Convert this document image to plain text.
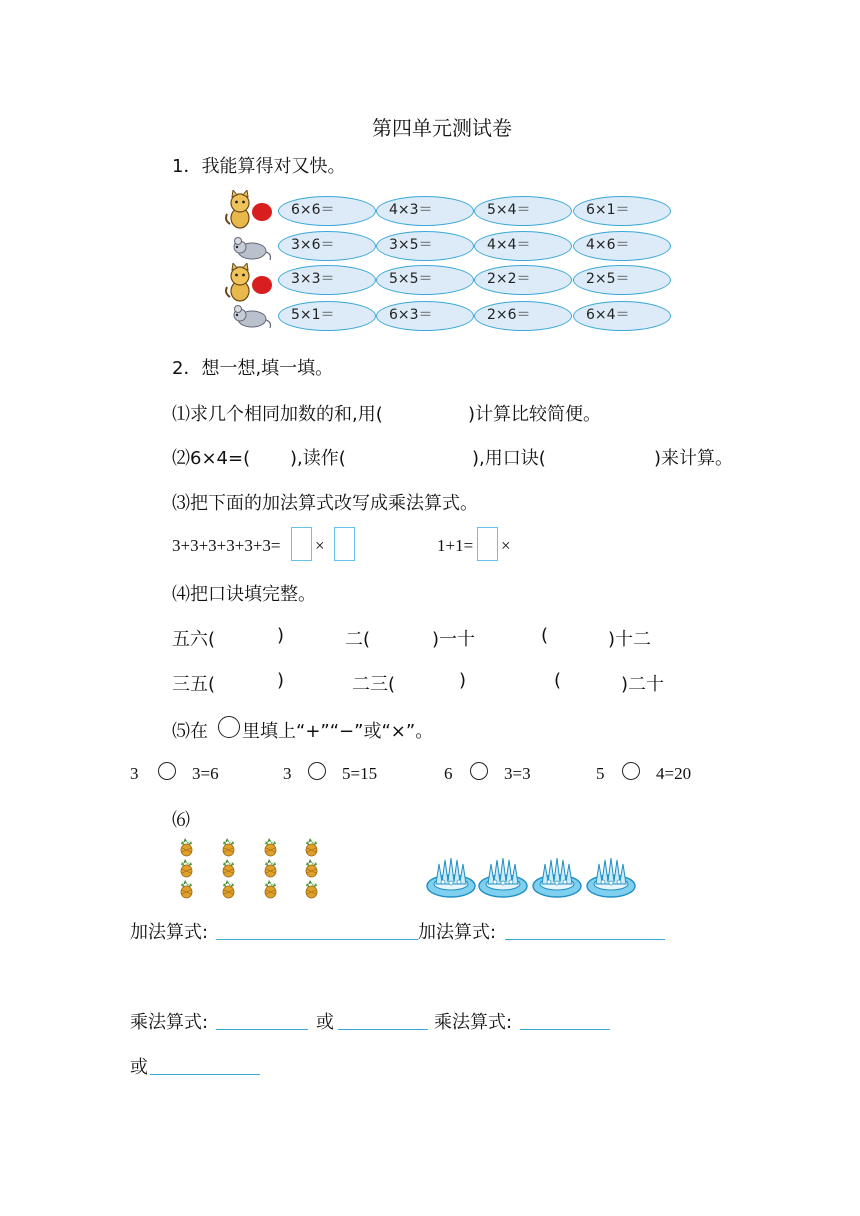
第四单元测试卷
1．我能算得对又快。
6×6＝	4×3＝	5×4＝	6×1＝
3×6＝	3×5＝	4×4＝	4×6＝
3×3＝	5×5＝	2×2＝	2×5＝
5×1＝	6×3＝	2×6＝	6×4＝
2．想一想,填一填。
⑴求几个相同加数的和,用(	)计算比较简便。
⑵6×4=( ),读作(	),用口诀(	)来计算。
⑶把下面的加法算式改写成乘法算式。
3+3+3+3+3+3= ×	1+1= ×
⑷把口诀填完整。
五六(	)	二(	)一十	(	)十二
三五(	)	二三(	)	(	)二十
⑸在 里填上“+”“−”或“×”。
3	3=6	3	5=15	6	3=3	5	4=20
⑹
加法算式:	加法算式:
乘法算式:	或	乘法算式:
或
